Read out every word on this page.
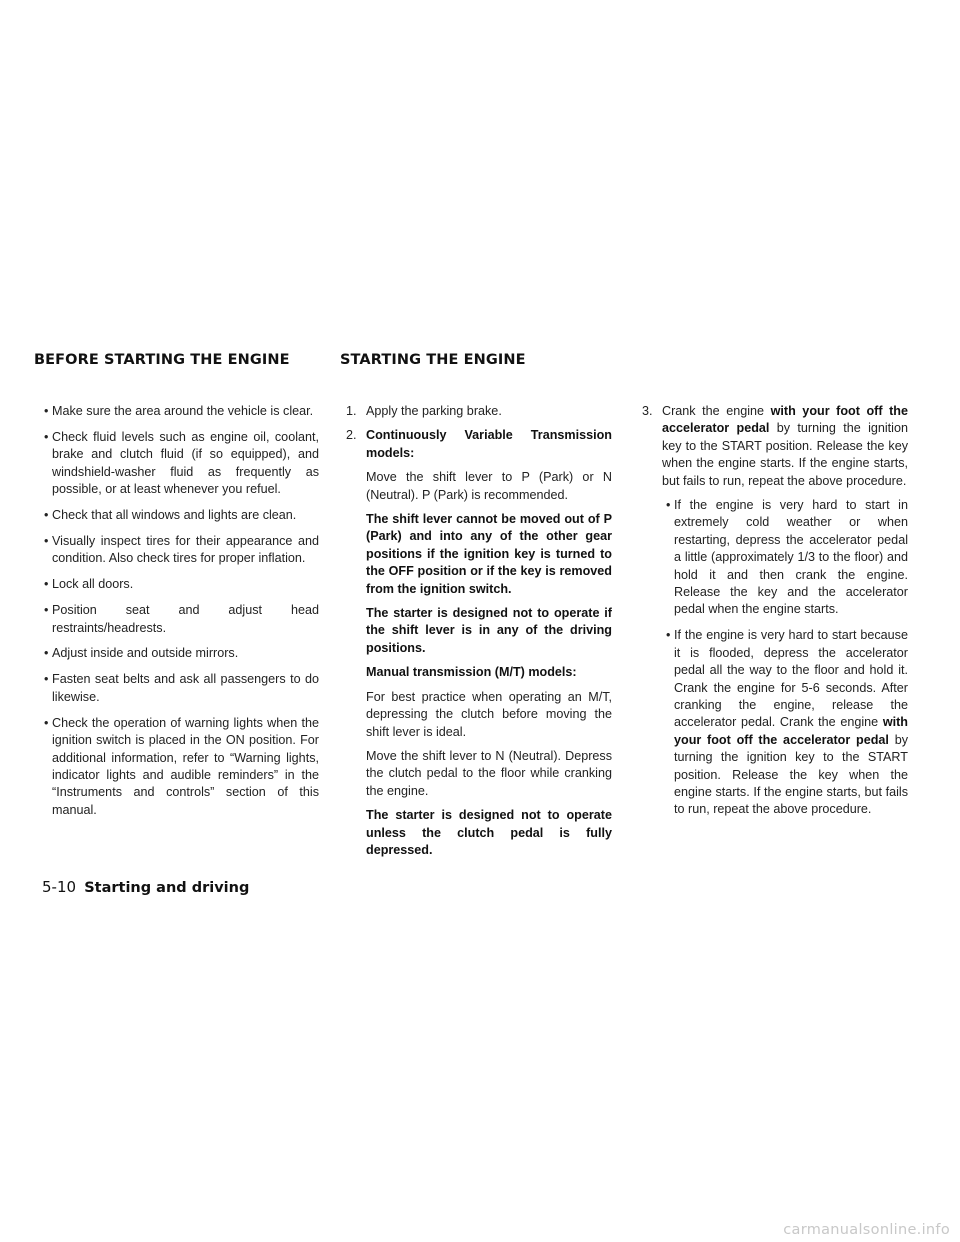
BEFORE STARTING THE ENGINE	STARTING THE ENGINE
• Make sure the area around the vehicle is clear.
• Check fluid levels such as engine oil, coolant, brake and clutch fluid (if so equipped), and windshield-washer fluid as frequently as possible, or at least whenever you refuel.
• Check that all windows and lights are clean.
• Visually inspect tires for their appearance and condition. Also check tires for proper inflation.
• Lock all doors.
• Position seat and adjust head restraints/headrests.
• Adjust inside and outside mirrors.
• Fasten seat belts and ask all passengers to do likewise.
• Check the operation of warning lights when the ignition switch is placed in the ON position. For additional information, refer to “Warning lights, indicator lights and audible reminders” in the “Instruments and controls” section of this manual.
1. Apply the parking brake.
2. Continuously Variable Transmission models:
Move the shift lever to P (Park) or N (Neutral). P (Park) is recommended.
The shift lever cannot be moved out of P (Park) and into any of the other gear positions if the ignition key is turned to the OFF position or if the key is removed from the ignition switch.
The starter is designed not to operate if the shift lever is in any of the driving positions.
Manual transmission (M/T) models:
For best practice when operating an M/T, depressing the clutch before moving the shift lever is ideal.
Move the shift lever to N (Neutral). Depress the clutch pedal to the floor while cranking the engine.
The starter is designed not to operate unless the clutch pedal is fully depressed.
3. Crank the engine with your foot off the accelerator pedal by turning the ignition key to the START position. Release the key when the engine starts. If the engine starts, but fails to run, repeat the above procedure.
• If the engine is very hard to start in extremely cold weather or when restarting, depress the accelerator pedal a little (approximately 1/3 to the floor) and hold it and then crank the engine. Release the key and the accelerator pedal when the engine starts.
• If the engine is very hard to start because it is flooded, depress the accelerator pedal all the way to the floor and hold it. Crank the engine for 5-6 seconds. After cranking the engine, release the accelerator pedal. Crank the engine with your foot off the accelerator pedal by turning the ignition key to the START position. Release the key when the engine starts. If the engine starts, but fails to run, repeat the above procedure.
5-10 Starting and driving
carmanualsonline.info
